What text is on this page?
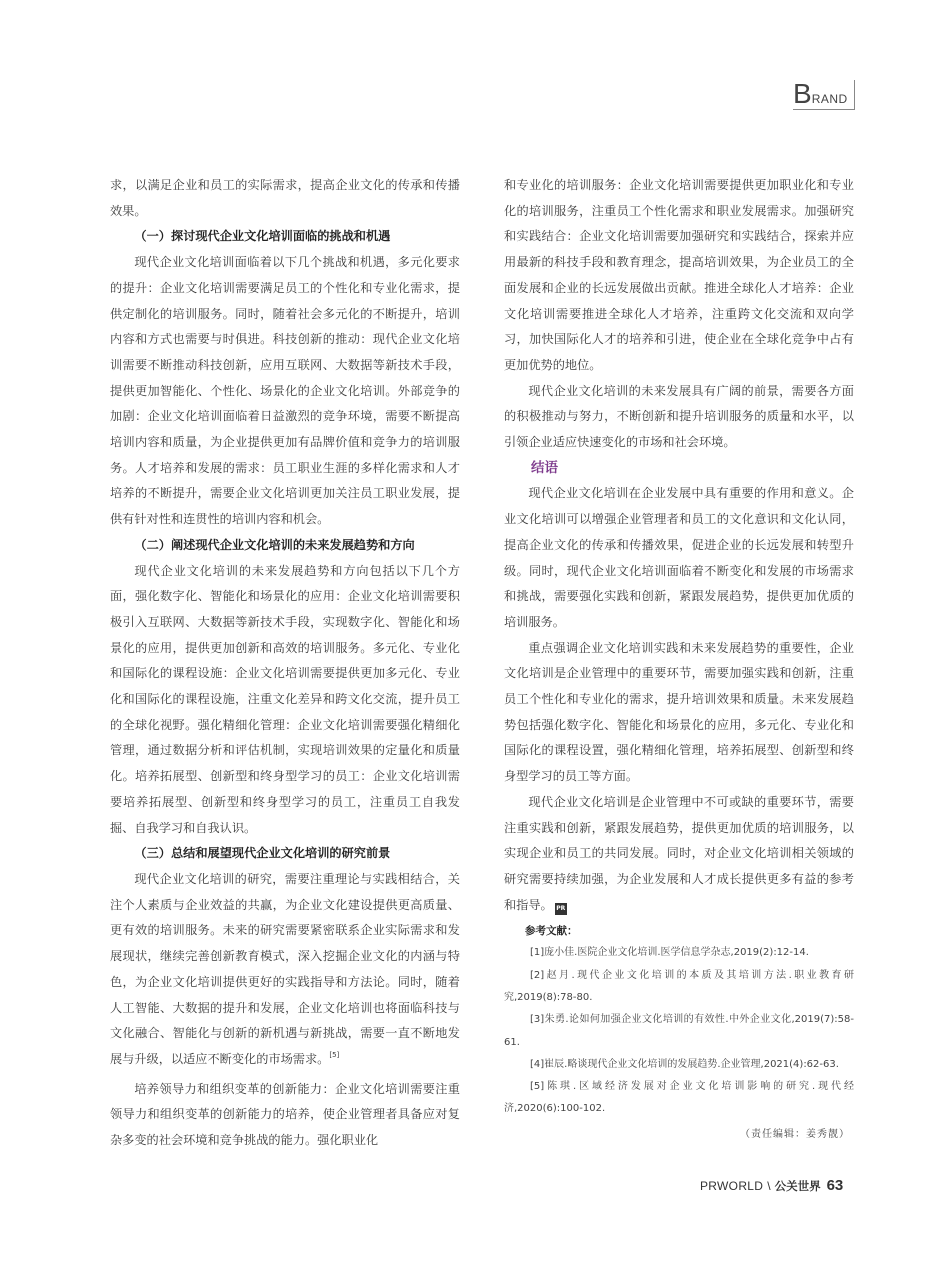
BRAND

求，以满足企业和员工的实际需求，提高企业文化的传承和传播效果。

（一）探讨现代企业文化培训面临的挑战和机遇

现代企业文化培训面临着以下几个挑战和机遇，多元化要求的提升：企业文化培训需要满足员工的个性化和专业化需求，提供定制化的培训服务。同时，随着社会多元化的不断提升，培训内容和方式也需要与时俱进。科技创新的推动：现代企业文化培训需要不断推动科技创新，应用互联网、大数据等新技术手段，提供更加智能化、个性化、场景化的企业文化培训。外部竞争的加剧：企业文化培训面临着日益激烈的竞争环境，需要不断提高培训内容和质量，为企业提供更加有品牌价值和竞争力的培训服务。人才培养和发展的需求：员工职业生涯的多样化需求和人才培养的不断提升，需要企业文化培训更加关注员工职业发展，提供有针对性和连贯性的培训内容和机会。

（二）阐述现代企业文化培训的未来发展趋势和方向

现代企业文化培训的未来发展趋势和方向包括以下几个方面，强化数字化、智能化和场景化的应用：企业文化培训需要积极引入互联网、大数据等新技术手段，实现数字化、智能化和场景化的应用，提供更加创新和高效的培训服务。多元化、专业化和国际化的课程设施：企业文化培训需要提供更加多元化、专业化和国际化的课程设施，注重文化差异和跨文化交流，提升员工的全球化视野。强化精细化管理：企业文化培训需要强化精细化管理，通过数据分析和评估机制，实现培训效果的定量化和质量化。培养拓展型、创新型和终身型学习的员工：企业文化培训需要培养拓展型、创新型和终身型学习的员工，注重员工自我发掘、自我学习和自我认识。

（三）总结和展望现代企业文化培训的研究前景

现代企业文化培训的研究，需要注重理论与实践相结合，关注个人素质与企业效益的共赢，为企业文化建设提供更高质量、更有效的培训服务。未来的研究需要紧密联系企业实际需求和发展现状，继续完善创新教育模式，深入挖掘企业文化的内涵与特色，为企业文化培训提供更好的实践指导和方法论。同时，随着人工智能、大数据的提升和发展，企业文化培训也将面临科技与文化融合、智能化与创新的新机遇与新挑战，需要一直不断地发展与升级，以适应不断变化的市场需求。[5]

培养领导力和组织变革的创新能力：企业文化培训需要注重领导力和组织变革的创新能力的培养，使企业管理者具备应对复杂多变的社会环境和竞争挑战的能力。强化职业化

和专业化的培训服务：企业文化培训需要提供更加职业化和专业化的培训服务，注重员工个性化需求和职业发展需求。加强研究和实践结合：企业文化培训需要加强研究和实践结合，探索并应用最新的科技手段和教育理念，提高培训效果，为企业员工的全面发展和企业的长远发展做出贡献。推进全球化人才培养：企业文化培训需要推进全球化人才培养，注重跨文化交流和双向学习，加快国际化人才的培养和引进，使企业在全球化竞争中占有更加优势的地位。

现代企业文化培训的未来发展具有广阔的前景，需要各方面的积极推动与努力，不断创新和提升培训服务的质量和水平，以引领企业适应快速变化的市场和社会环境。

结语

现代企业文化培训在企业发展中具有重要的作用和意义。企业文化培训可以增强企业管理者和员工的文化意识和文化认同，提高企业文化的传承和传播效果，促进企业的长远发展和转型升级。同时，现代企业文化培训面临着不断变化和发展的市场需求和挑战，需要强化实践和创新，紧跟发展趋势，提供更加优质的培训服务。

重点强调企业文化培训实践和未来发展趋势的重要性，企业文化培训是企业管理中的重要环节，需要加强实践和创新，注重员工个性化和专业化的需求，提升培训效果和质量。未来发展趋势包括强化数字化、智能化和场景化的应用，多元化、专业化和国际化的课程设置，强化精细化管理，培养拓展型、创新型和终身型学习的员工等方面。

现代企业文化培训是企业管理中不可或缺的重要环节，需要注重实践和创新，紧跟发展趋势，提供更加优质的培训服务，以实现企业和员工的共同发展。同时，对企业文化培训相关领域的研究需要持续加强，为企业发展和人才成长提供更多有益的参考和指导。 PR

参考文献：
[1]庞小佳.医院企业文化培训.医学信息学杂志,2019(2):12-14.
[2]赵月.现代企业文化培训的本质及其培训方法.职业教育研究,2019(8):78-80.
[3]朱勇.论如何加强企业文化培训的有效性.中外企业文化,2019(7):58-61.
[4]崔辰.略谈现代企业文化培训的发展趋势.企业管理,2021(4):62-63.
[5]陈琪.区域经济发展对企业文化培训影响的研究.现代经济,2020(6):100-102.
（责任编辑：姜秀靓）
PRWORLD \ 公关世界 63
